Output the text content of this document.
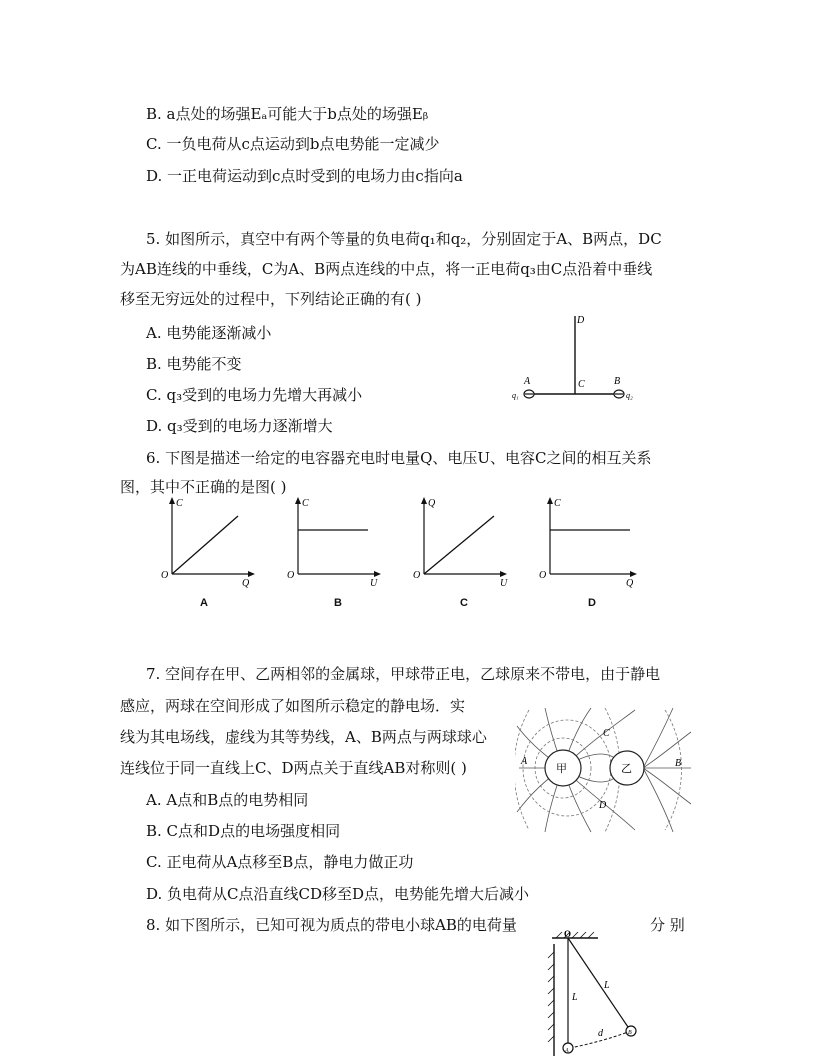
B. a点处的场强Eₐ可能大于b点处的场强Eᵦ
C. 一负电荷从c点运动到b点电势能一定减少
D. 一正电荷运动到c点时受到的电场力由c指向a
5. 如图所示，真空中有两个等量的负电荷q₁和q₂，分别固定于A、B两点，DC
为AB连线的中垂线，C为A、B两点连线的中点，将一正电荷q₃由C点沿着中垂线
移至无穷远处的过程中，下列结论正确的有( )
A. 电势能逐渐减小
B. 电势能不变
C. q₃受到的电场力先增大再减小
D. q₃受到的电场力逐渐增大
D
C
A	B
q₁	q₂
6. 下图是描述一给定的电容器充电时电量Q、电压U、电容C之间的相互关系
图，其中不正确的是图( )
C
Q
O
A
C
U
O
B
Q
U
O
C
C
Q
O
D
7. 空间存在甲、乙两相邻的金属球，甲球带正电，乙球原来不带电，由于静电
感应，两球在空间形成了如图所示稳定的静电场．实
线为其电场线，虚线为其等势线，A、B两点与两球球心
连线位于同一直线上C、D两点关于直线AB对称则( )
A. A点和B点的电势相同
B. C点和D点的电场强度相同
C. 正电荷从A点移至B点，静电力做正功
D. 负电荷从C点沿直线CD移至D点，电势能先增大后减小
甲	乙
A	B
C
D
8. 如下图所示，已知可视为质点的带电小球AB的电荷量	分 别
O
L
L
d
A
B
